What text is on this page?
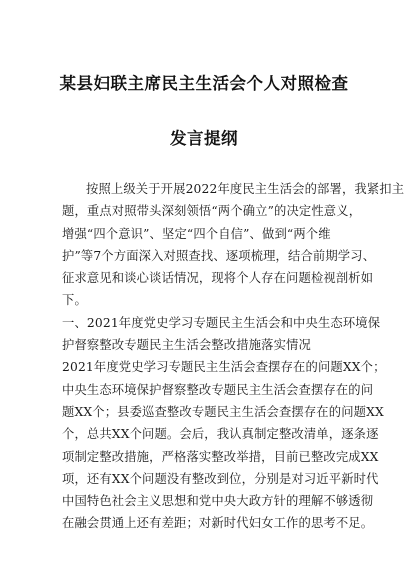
某县妇联主席民主生活会个人对照检查
发言提纲
按照上级关于开展2022年度民主生活会的部署，我紧扣主
题，重点对照带头深刻领悟“两个确立”的决定性意义，
增强“四个意识”、坚定“四个自信”、做到“两个维
护”等7个方面深入对照查找、逐项梳理，结合前期学习、
征求意见和谈心谈话情况，现将个人存在问题检视剖析如
下。
一、2021年度党史学习专题民主生活会和中央生态环境保
护督察整改专题民主生活会整改措施落实情况
2021年度党史学习专题民主生活会查摆存在的问题XX个；
中央生态环境保护督察整改专题民主生活会查摆存在的问
题XX个；县委巡查整改专题民主生活会查摆存在的问题XX
个，总共XX个问题。会后，我认真制定整改清单，逐条逐
项制定整改措施，严格落实整改举措，目前已整改完成XX
项，还有XX个问题没有整改到位，分别是对习近平新时代
中国特色社会主义思想和党中央大政方针的理解不够透彻
在融会贯通上还有差距；对新时代妇女工作的思考不足。
